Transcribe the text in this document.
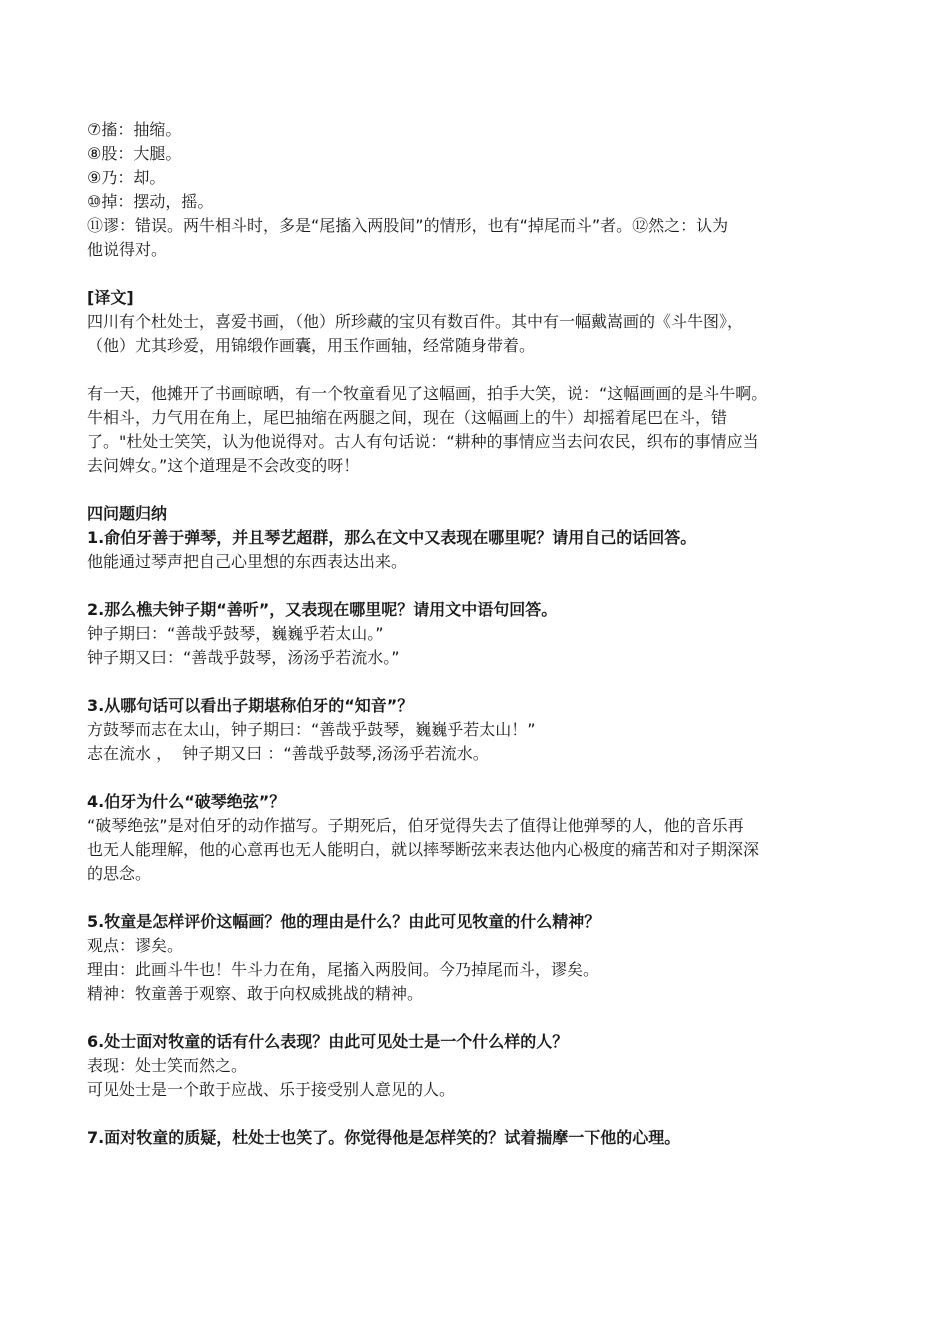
⑦搐：抽缩。
⑧股：大腿。
⑨乃：却。
⑩掉：摆动，摇。
⑪谬：错误。两牛相斗时，多是“尾搐入两股间”的情形，也有“掉尾而斗”者。⑫然之：认为
他说得对。
[译文]
四川有个杜处士，喜爱书画，（他）所珍藏的宝贝有数百件。其中有一幅戴嵩画的《斗牛图》，
（他）尤其珍爱，用锦缎作画囊，用玉作画轴，经常随身带着。
有一天，他摊开了书画晾晒，有一个牧童看见了这幅画，拍手大笑，说：“这幅画画的是斗牛啊。
牛相斗，力气用在角上，尾巴抽缩在两腿之间，现在（这幅画上的牛）却摇着尾巴在斗，错
了。"杜处士笑笑，认为他说得对。古人有句话说：“耕种的事情应当去问农民，织布的事情应当
去问婢女。”这个道理是不会改变的呀！
四问题归纳
1.俞伯牙善于弹琴，并且琴艺超群，那么在文中又表现在哪里呢？请用自己的话回答。
他能通过琴声把自己心里想的东西表达出来。
2.那么樵夫钟子期“善听”，又表现在哪里呢？请用文中语句回答。
钟子期曰：“善哉乎鼓琴，巍巍乎若太山。”
钟子期又曰：“善哉乎鼓琴，汤汤乎若流水。”
3.从哪句话可以看出子期堪称伯牙的“知音”？
方鼓琴而志在太山，钟子期曰：“善哉乎鼓琴，巍巍乎若太山！”
志在流水 ，  钟子期又曰 ：“善哉乎鼓琴,汤汤乎若流水。
4.伯牙为什么“破琴绝弦”？
“破琴绝弦”是对伯牙的动作描写。子期死后，伯牙觉得失去了值得让他弹琴的人，他的音乐再
也无人能理解，他的心意再也无人能明白，就以摔琴断弦来表达他内心极度的痛苦和对子期深深
的思念。
5.牧童是怎样评价这幅画？他的理由是什么？由此可见牧童的什么精神？
观点：谬矣。
理由：此画斗牛也！牛斗力在角，尾搐入两股间。今乃掉尾而斗，谬矣。
精神：牧童善于观察、敢于向权威挑战的精神。
6.处士面对牧童的话有什么表现？由此可见处士是一个什么样的人？
表现：处士笑而然之。
可见处士是一个敢于应战、乐于接受别人意见的人。
7.面对牧童的质疑，杜处士也笑了。你觉得他是怎样笑的？试着揣摩一下他的心理。
